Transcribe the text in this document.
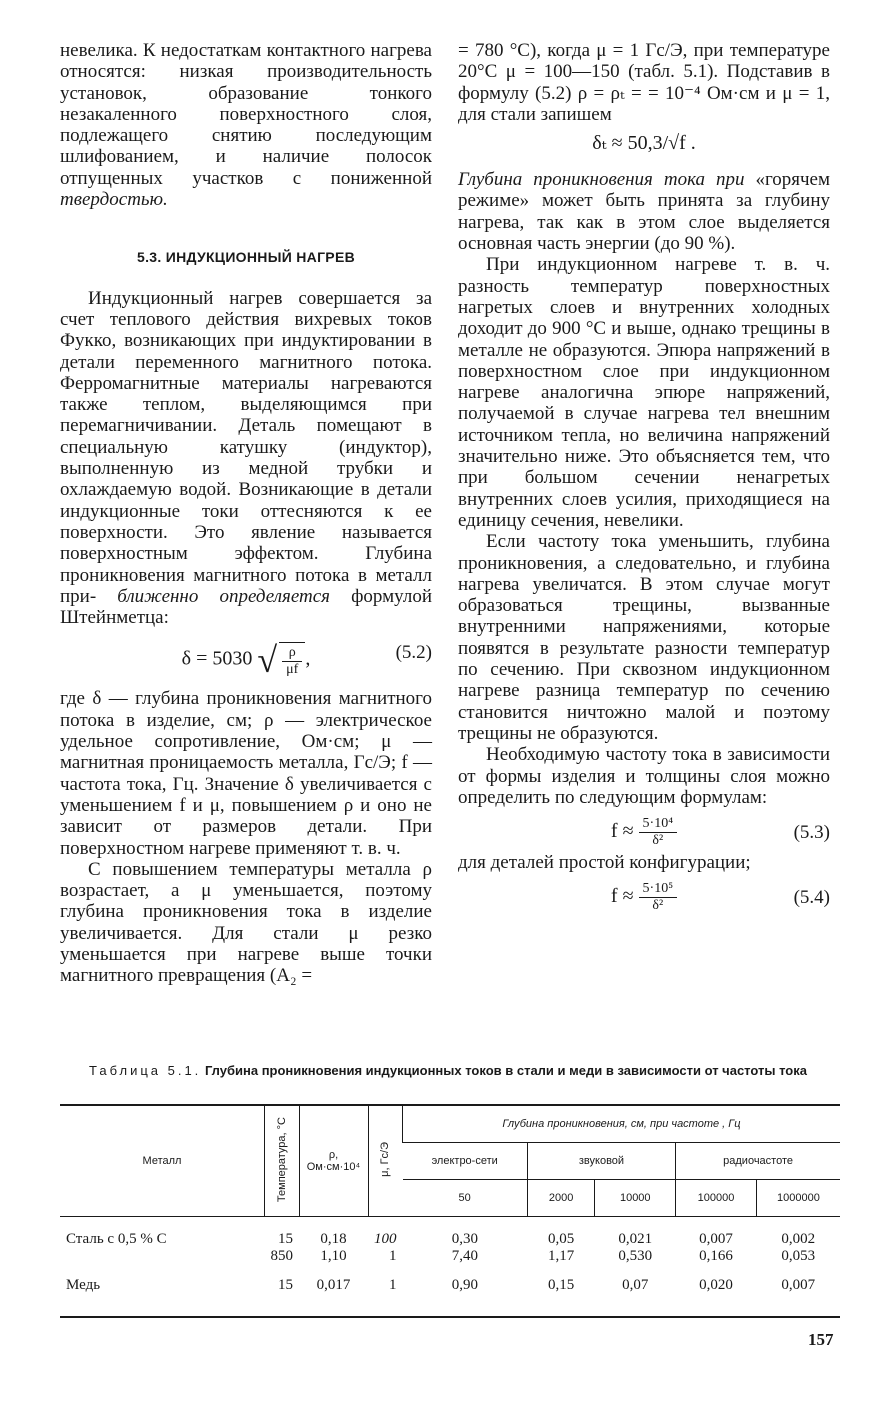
невелика. К недостаткам контактного нагрева относятся: низкая производительность установок, образование тонкого незакаленного поверхностного слоя, подлежащего снятию последующим шлифованием, и наличие полосок отпущенных участков с пониженной твердостью.

5.3. ИНДУКЦИОННЫЙ НАГРЕВ

Индукционный нагрев совершается за счет теплового действия вихревых токов Фукко, возникающих при индуктировании в детали переменного магнитного потока. Ферромагнитные материалы нагреваются также теплом, выделяющимся при перемагничивании. Деталь помещают в специальную катушку (индуктор), выполненную из медной трубки и охлаждаемую водой. Возникающие в детали индукционные токи оттесняются к ее поверхности. Это явление называется поверхностным эффектом. Глубина проникновения магнитного потока в металл при- ближенно определяется формулой Штейнметца:

δ = 5030 √ $\frac{\rho}{\mu f}$ ,	(5.2)

где δ — глубина проникновения магнитного потока в изделие, см; ρ — электрическое удельное сопротивление, Ом·см; μ — магнитная проницаемость металла, Гс/Э; f — частота тока, Гц. Значение δ увеличивается с уменьшением f и μ, повышением ρ и оно не зависит от размеров детали. При поверхностном нагреве применяют т. в. ч.

С повышением температуры металла ρ возрастает, а μ уменьшается, поэтому глубина проникновения тока в изделие увеличивается. Для стали μ резко уменьшается при нагреве выше точки магнитного превращения (A₂ =

= 780 °C), когда μ = 1 Гс/Э, при температуре 20°C μ = 100—150 (табл. 5.1). Подставив в формулу (5.2) ρ = ρₜ = = 10⁻⁴ Ом·см и μ = 1, для стали запишем

δₜ ≈ 50,3/√f .

Глубина проникновения тока при «горячем режиме» может быть принята за глубину нагрева, так как в этом слое выделяется основная часть энергии (до 90 %).

При индукционном нагреве т. в. ч. разность температур поверхностных нагретых слоев и внутренних холодных доходит до 900 °C и выше, однако трещины в металле не образуются. Эпюра напряжений в поверхностном слое при индукционном нагреве аналогична эпюре напряжений, получаемой в случае нагрева тел внешним источником тепла, но величина напряжений значительно ниже. Это объясняется тем, что при большом сечении ненагретых внутренних слоев усилия, приходящиеся на единицу сечения, невелики.

Если частоту тока уменьшить, глубина проникновения, а следовательно, и глубина нагрева увеличатся. В этом случае могут образоваться трещины, вызванные внутренними напряжениями, которые появятся в результате разности температур по сечению. При сквозном индукционном нагреве разница температур по сечению становится ничтожно малой и поэтому трещины не образуются.

Необходимую частоту тока в зависимости от формы изделия и толщины слоя можно определить по следующим формулам:

$f \approx \frac{\text{5·10⁴}}{\text{δ²}}$	(5.3)

для деталей простой конфигурации;

$f \approx \frac{\text{5·10⁵}}{\text{δ²}}$	(5.4)
Таблица 5.1. Глубина проникновения индукционных токов в стали и меди в зависимости от частоты тока
Металл	Температура, °C	ρ, Ом·см·10⁴	μ, Гс/Э	Глубина проникновения, см, при частоте , Гц				
				электро-сети	звуковой		радиочастоте	
				50	2000	10000	100000	1000000
Сталь с 0,5 % C	15	0,18	100	0,30	0,05	0,021	0,007	0,002
	850	1,10	1	7,40	1,17	0,530	0,166	0,053
Медь	15	0,017	1	0,90	0,15	0,07	0,020	0,007
157
